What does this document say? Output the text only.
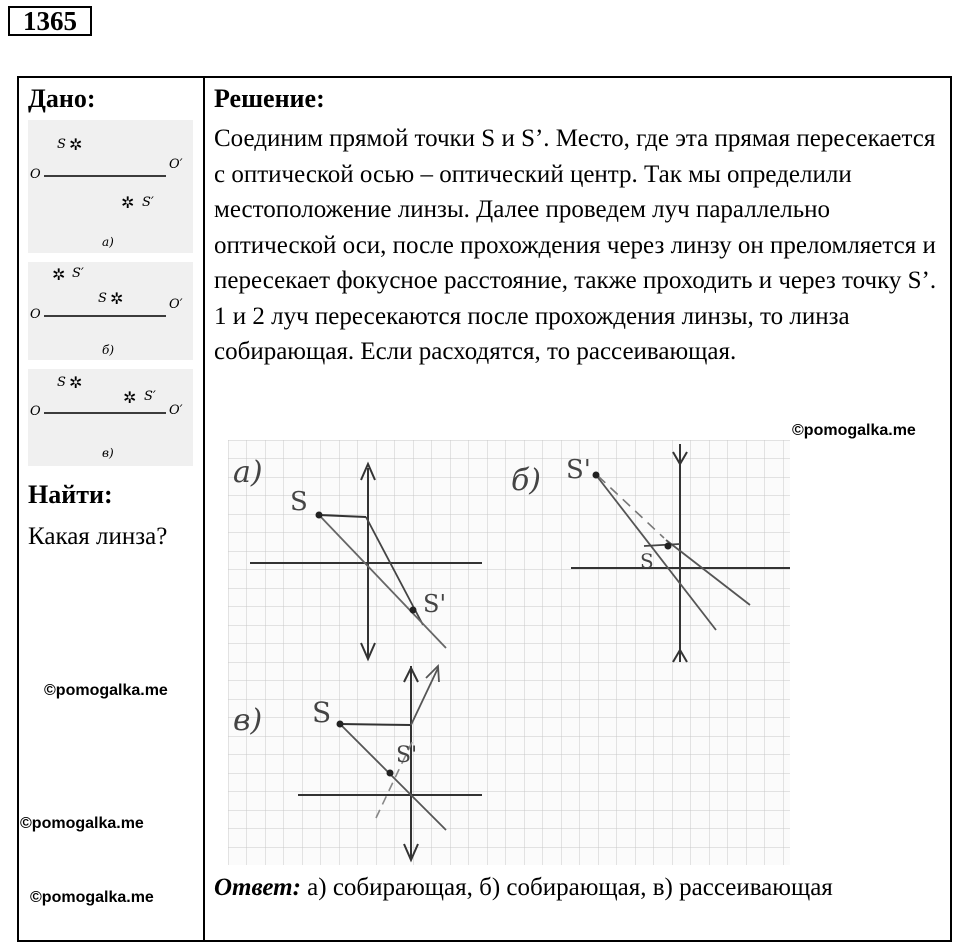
1365
Дано:
S ✲
O
O′
✲ S′
а)
✲ S′
S ✲
O
O′
б)
S ✲
✲ S′
O	O′
в)
Найти:
Какая линза?
©pomogalka.me
©pomogalka.me
©pomogalka.me
Решение:
Соединим прямой точки S и S’. Место, где эта прямая пересекается с оптической осью – оптический центр. Так мы определили местоположение линзы. Далее проведем луч параллельно оптической оси, после прохождения через линзу он преломляется и пересекает фокусное расстояние, также проходить и через точку S’. 1 и 2 луч пересекаются после прохождения линзы, то линза собирающая. Если расходятся, то рассеивающая.
©pomogalka.me
а)
S
S'
б) S'
S
в) S
S'
Ответ: а) собирающая, б) собирающая, в) рассеивающая
